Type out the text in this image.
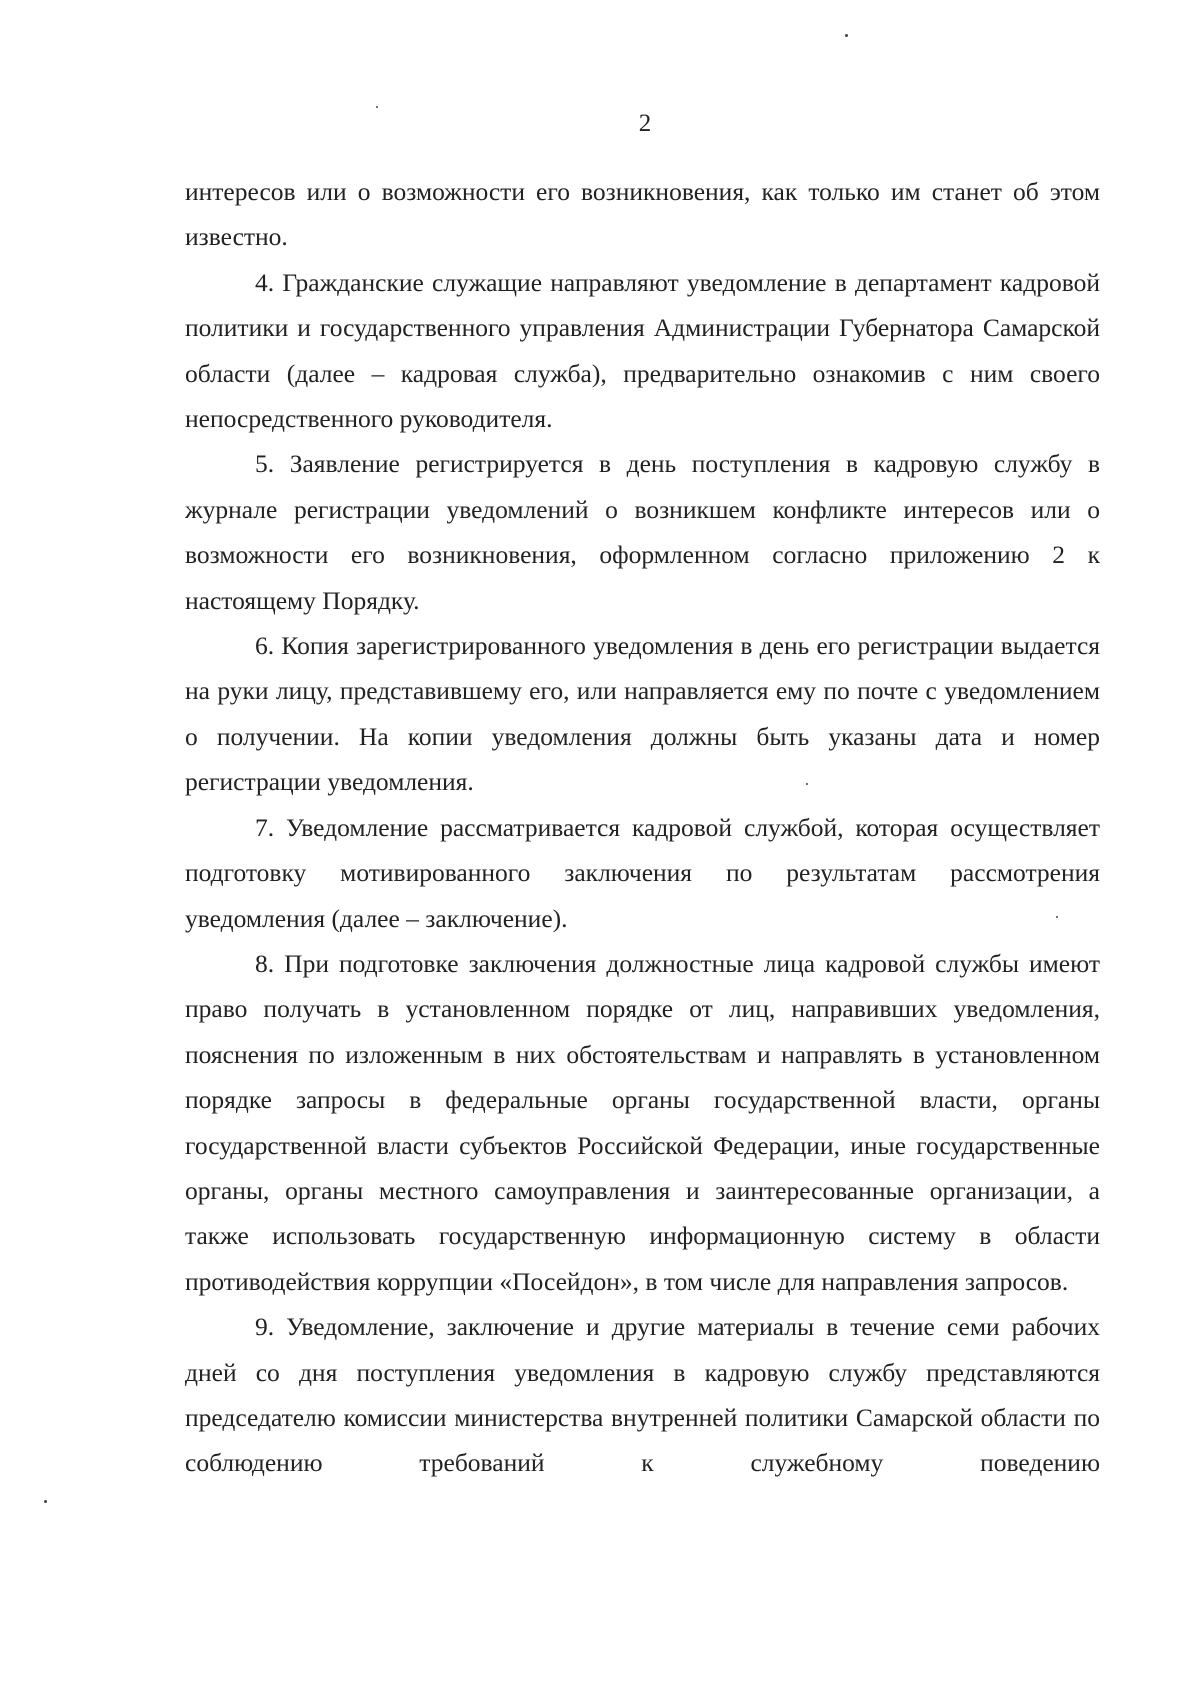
2

интересов или о возможности его возникновения, как только им станет об этом известно.

4. Гражданские служащие направляют уведомление в департамент кадровой политики и государственного управления Администрации Губернатора Самарской области (далее – кадровая служба), предварительно ознакомив с ним своего непосредственного руководителя.

5. Заявление регистрируется в день поступления в кадровую службу в журнале регистрации уведомлений о возникшем конфликте интересов или о возможности его возникновения, оформленном согласно приложению 2 к настоящему Порядку.

6. Копия зарегистрированного уведомления в день его регистрации выдается на руки лицу, представившему его, или направляется ему по почте с уведомлением о получении. На копии уведомления должны быть указаны дата и номер регистрации уведомления.

7. Уведомление рассматривается кадровой службой, которая осуществляет подготовку мотивированного заключения по результатам рассмотрения уведомления (далее – заключение).

8. При подготовке заключения должностные лица кадровой службы имеют право получать в установленном порядке от лиц, направивших уведомления, пояснения по изложенным в них обстоятельствам и направлять в установленном порядке запросы в федеральные органы государственной власти, органы государственной власти субъектов Российской Федерации, иные государственные органы, органы местного самоуправления и заинтересованные организации, а также использовать государственную информационную систему в области противодействия коррупции «Посейдон», в том числе для направления запросов.

9. Уведомление, заключение и другие материалы в течение семи рабочих дней со дня поступления уведомления в кадровую службу представляются председателю комиссии министерства внутренней политики Самарской области по соблюдению требований к служебному поведению
